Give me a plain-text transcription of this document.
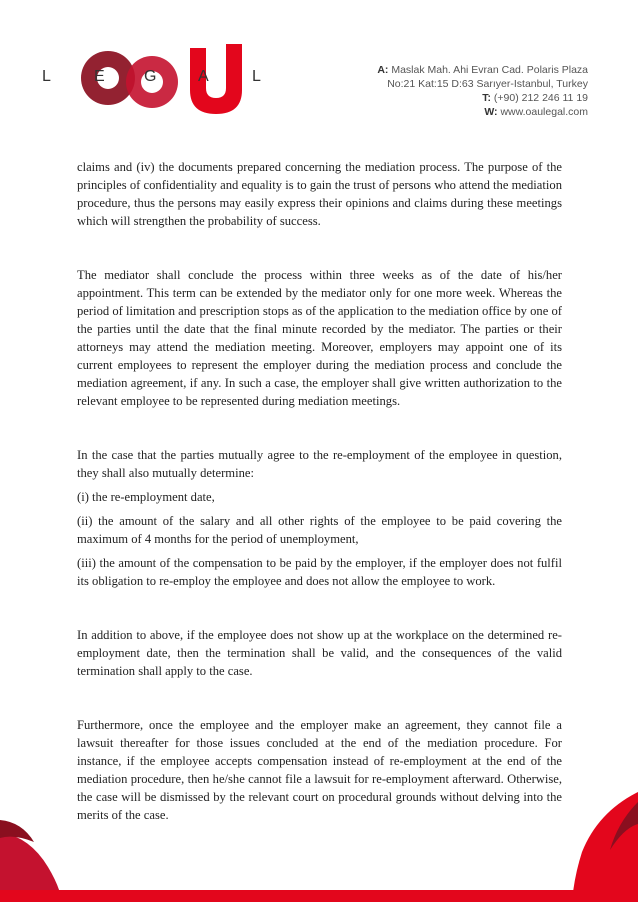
L	E G	A	L	A: Maslak Mah. Ahi Evran Cad. Polaris Plaza
No:21 Kat:15 D:63 Sarıyer-Istanbul, Turkey
T: (+90) 212 246 11 19
W: www.oaulegal.com

claims and (iv) the documents prepared concerning the mediation process. The purpose of the principles of confidentiality and equality is to gain the trust of persons who attend the mediation procedure, thus the persons may easily express their opinions and claims during these meetings which will strengthen the probability of success.

The mediator shall conclude the process within three weeks as of the date of his/her appointment. This term can be extended by the mediator only for one more week. Whereas the period of limitation and prescription stops as of the application to the mediation office by one of the parties until the date that the final minute recorded by the mediator. The parties or their attorneys may attend the mediation meeting. Moreover, employers may appoint one of its current employees to represent the employer during the mediation process and conclude the mediation agreement, if any. In such a case, the employer shall give written authorization to the relevant employee to be represented during mediation meetings.

In the case that the parties mutually agree to the re-employment of the employee in question, they shall also mutually determine:

(i) the re-employment date,

(ii) the amount of the salary and all other rights of the employee to be paid covering the maximum of 4 months for the period of unemployment,

(iii) the amount of the compensation to be paid by the employer, if the employer does not fulfil its obligation to re-employ the employee and does not allow the employee to work.

In addition to above, if the employee does not show up at the workplace on the determined re-employment date, then the termination shall be valid, and the consequences of the valid termination shall apply to the case.

Furthermore, once the employee and the employer make an agreement, they cannot file a lawsuit thereafter for those issues concluded at the end of the mediation procedure. For instance, if the employee accepts compensation instead of re-employment at the end of the mediation procedure, then he/she cannot file a lawsuit for re-employment afterward. Otherwise, the case will be dismissed by the relevant court on procedural grounds without delving into the merits of the case.
